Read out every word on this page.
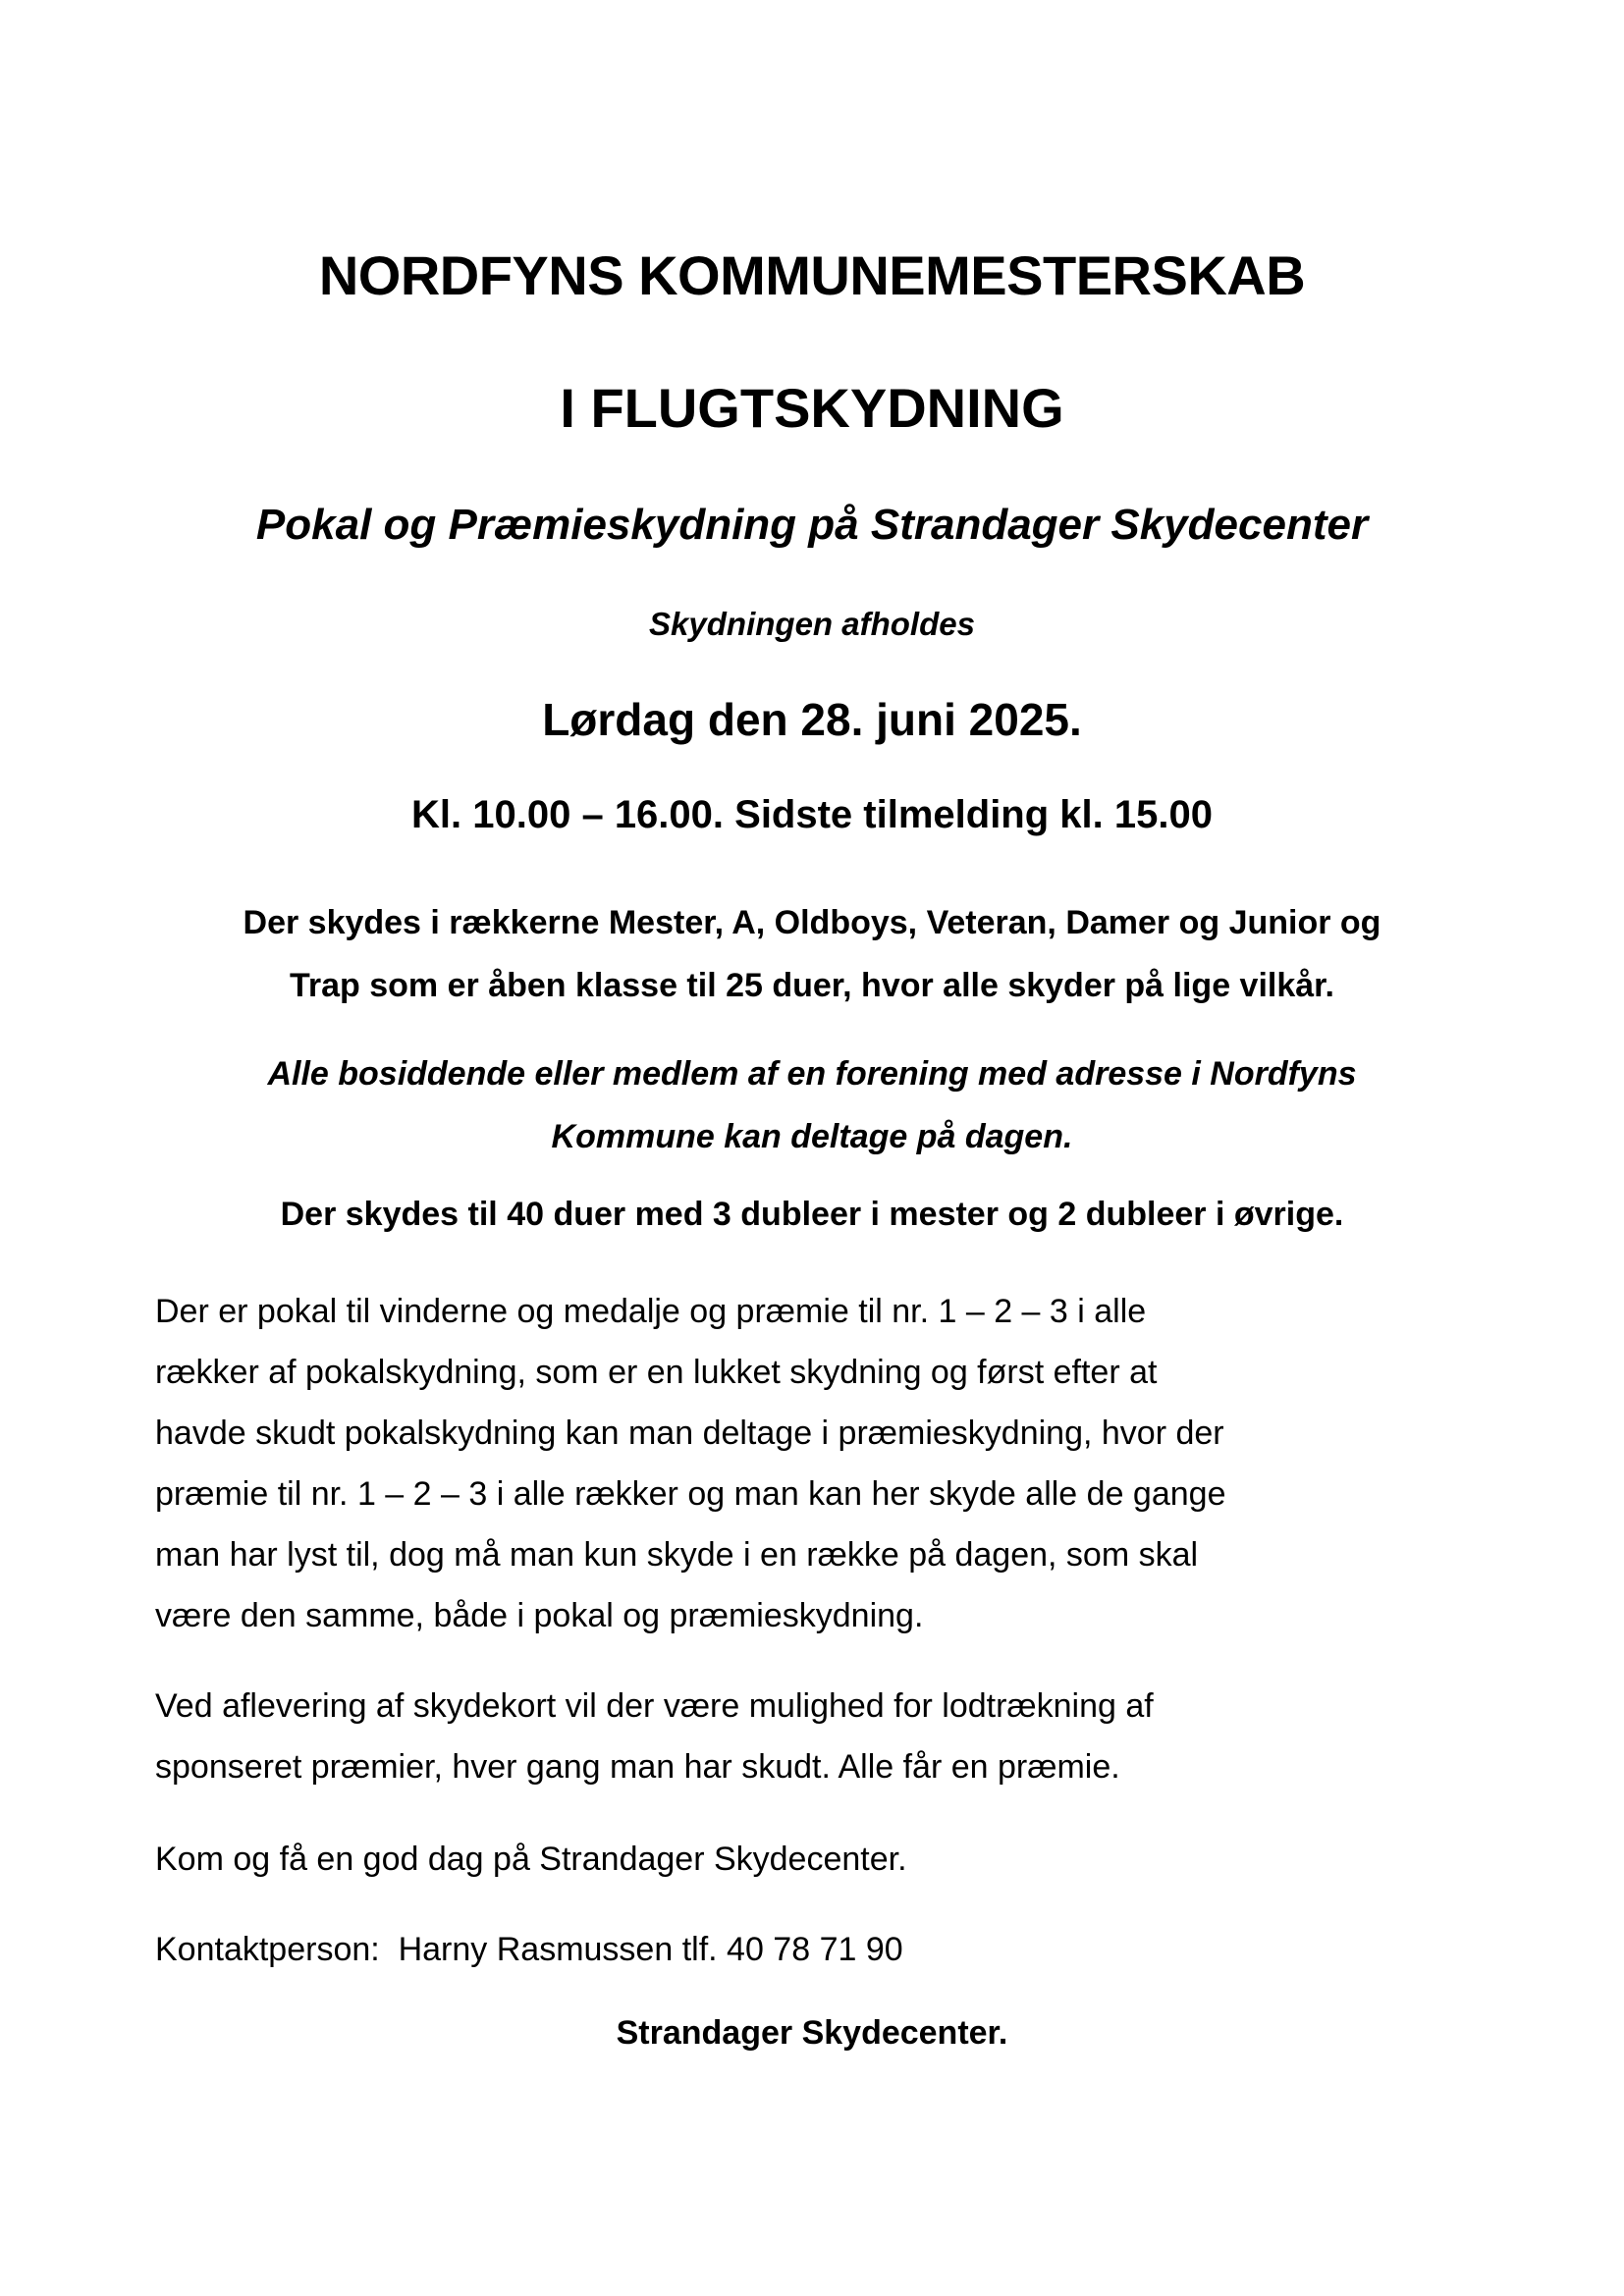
NORDFYNS KOMMUNEMESTERSKAB
I FLUGTSKYDNING
Pokal og Præmieskydning på Strandager Skydecenter
Skydningen afholdes
Lørdag den 28. juni 2025.
Kl. 10.00 – 16.00. Sidste tilmelding kl. 15.00
Der skydes i rækkerne Mester, A, Oldboys, Veteran, Damer og Junior og
Trap som er åben klasse til 25 duer, hvor alle skyder på lige vilkår.
Alle bosiddende eller medlem af en forening med adresse i Nordfyns
Kommune kan deltage på dagen.
Der skydes til 40 duer med 3 dubleer i mester og 2 dubleer i øvrige.
Der er pokal til vinderne og medalje og præmie til nr. 1 – 2 – 3 i alle
rækker af pokalskydning, som er en lukket skydning og først efter at
havde skudt pokalskydning kan man deltage i præmieskydning, hvor der
præmie til nr. 1 – 2 – 3 i alle rækker og man kan her skyde alle de gange
man har lyst til, dog må man kun skyde i en række på dagen, som skal
være den samme, både i pokal og præmieskydning.
Ved aflevering af skydekort vil der være mulighed for lodtrækning af
sponseret præmier, hver gang man har skudt. Alle får en præmie.
Kom og få en god dag på Strandager Skydecenter.
Kontaktperson:  Harny Rasmussen tlf. 40 78 71 90
Strandager Skydecenter.
